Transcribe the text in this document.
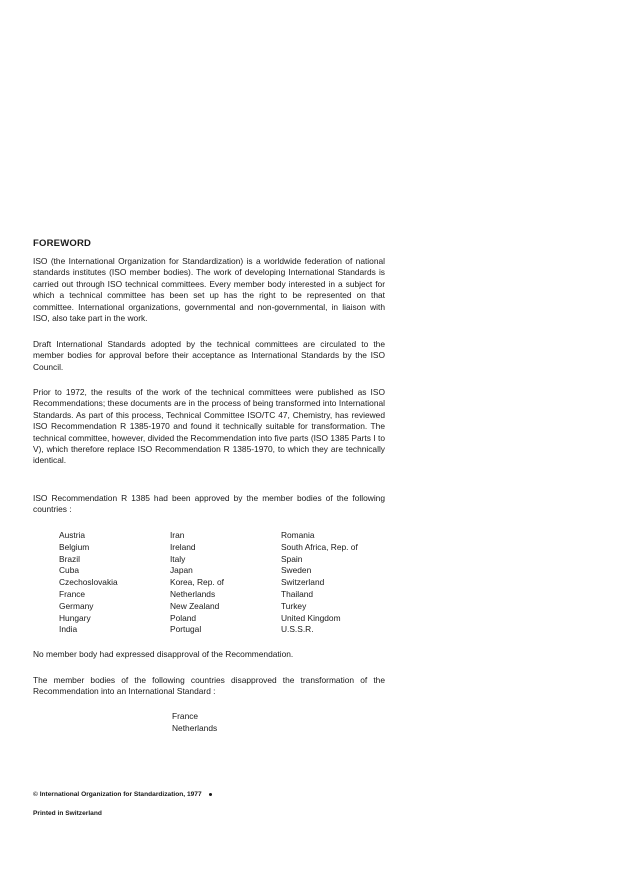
FOREWORD

ISO (the International Organization for Standardization) is a worldwide federation of national standards institutes (ISO member bodies). The work of developing International Standards is carried out through ISO technical committees. Every member body interested in a subject for which a technical committee has been set up has the right to be represented on that committee. International organizations, governmental and non-governmental, in liaison with ISO, also take part in the work.

Draft International Standards adopted by the technical committees are circulated to the member bodies for approval before their acceptance as International Standards by the ISO Council.

Prior to 1972, the results of the work of the technical committees were published as ISO Recommendations; these documents are in the process of being transformed into International Standards. As part of this process, Technical Committee ISO/TC 47, Chemistry, has reviewed ISO Recommendation R 1385-1970 and found it technically suitable for transformation. The technical committee, however, divided the Recommendation into five parts (ISO 1385 Parts I to V), which therefore replace ISO Recommendation R 1385-1970, to which they are technically identical.

ISO Recommendation R 1385 had been approved by the member bodies of the following countries :

Austria
Belgium
Brazil
Cuba
Czechoslovakia
France
Germany
Hungary
India
Iran
Ireland
Italy
Japan
Korea, Rep. of
Netherlands
New Zealand
Poland
Portugal
Romania
South Africa, Rep. of
Spain
Sweden
Switzerland
Thailand
Turkey
United Kingdom
U.S.S.R.

No member body had expressed disapproval of the Recommendation.

The member bodies of the following countries disapproved the transformation of the Recommendation into an International Standard :

France
Netherlands
© International Organization for Standardization, 1977
Printed in Switzerland
